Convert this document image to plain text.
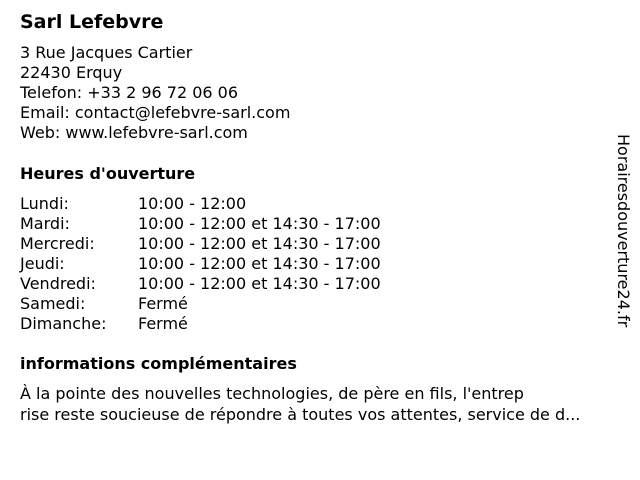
Sarl Lefebvre
3 Rue Jacques Cartier
22430 Erquy
Telefon: +33 2 96 72 06 06
Email: contact@lefebvre-sarl.com
Web: www.lefebvre-sarl.com
Heures d'ouverture
Lundi:	10:00 - 12:00
Mardi:	10:00 - 12:00 et 14:30 - 17:00
Mercredi:	10:00 - 12:00 et 14:30 - 17:00
Jeudi:	10:00 - 12:00 et 14:30 - 17:00
Vendredi:	10:00 - 12:00 et 14:30 - 17:00
Samedi:	Fermé
Dimanche:	Fermé
informations complémentaires
À la pointe des nouvelles technologies, de père en fils, l'entrep
rise reste soucieuse de répondre à toutes vos attentes, service de d...
Horairesdouverture24.fr
